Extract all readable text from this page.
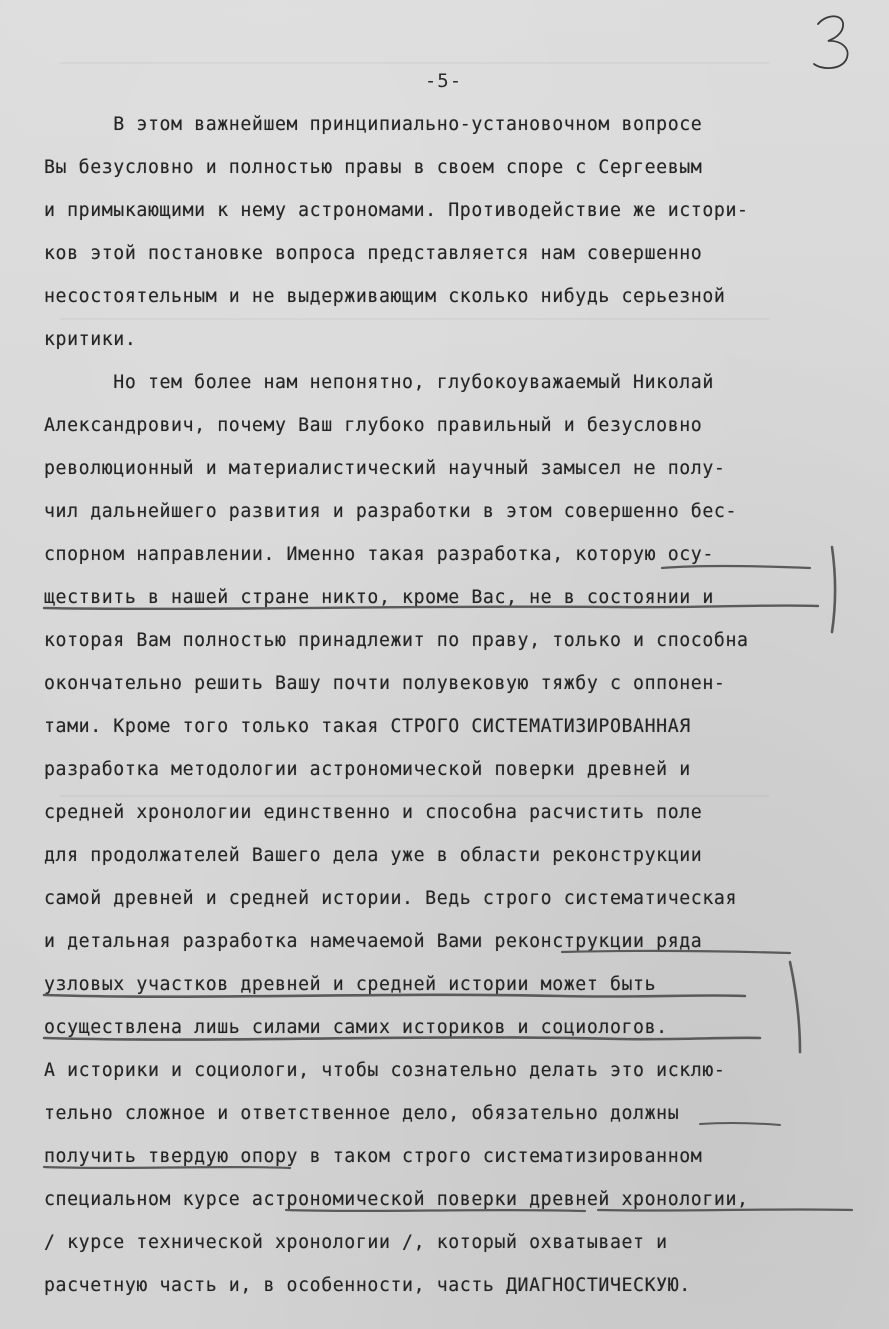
-5-
В этом важнейшем принципиально-установочном вопросе
Вы безусловно и полностью правы в своем споре с Сергеевым
и примыкающими к нему астрономами. Противодействие же истори-
ков этой постановке вопроса представляется нам совершенно
несостоятельным и не выдерживающим сколько нибудь серьезной
критики.
Но тем более нам непонятно, глубокоуважаемый Николай
Александрович, почему Ваш глубоко правильный и безусловно
революционный и материалистический научный замысел не полу-
чил дальнейшего развития и разработки в этом совершенно бес-
спорном направлении. Именно такая разработка, которую осу-
ществить в нашей стране никто, кроме Вас, не в состоянии и
которая Вам полностью принадлежит по праву, только и способна
окончательно решить Вашу почти полувековую тяжбу с оппонен-
тами. Кроме того только такая СТРОГО СИСТЕМАТИЗИРОВАННАЯ
разработка методологии астрономической поверки древней и
средней хронологии единственно и способна расчистить поле
для продолжателей Вашего дела уже в области реконструкции
самой древней и средней истории. Ведь строго систематическая
и детальная разработка намечаемой Вами реконструкции ряда
узловых участков древней и средней истории может быть
осуществлена лишь силами самих историков и социологов.
А историки и социологи, чтобы сознательно делать это исклю-
тельно сложное и ответственное дело, обязательно должны
получить твердую опору в таком строго систематизированном
специальном курсе астрономической поверки древней хронологии,
/ курсе технической хронологии /, который охватывает и
расчетную часть и, в особенности, часть ДИАГНОСТИЧЕСКУЮ.
